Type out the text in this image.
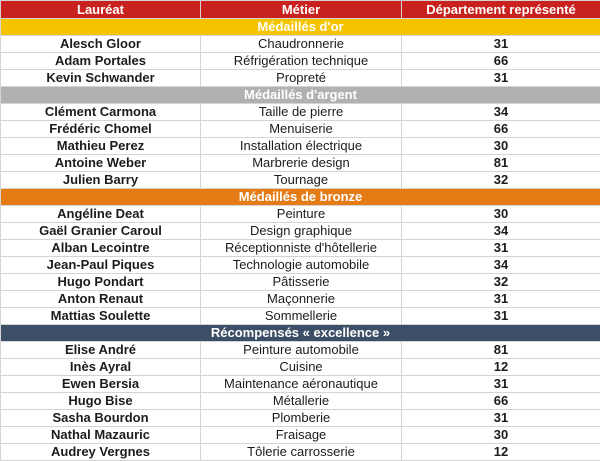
Lauréat	Métier	Département représenté
Médaillés d'or		
Alesch Gloor	Chaudronnerie	31
Adam Portales	Réfrigération technique	66
Kevin Schwander	Propreté	31
Médaillés d'argent		
Clément Carmona	Taille de pierre	34
Frédéric Chomel	Menuiserie	66
Mathieu Perez	Installation électrique	30
Antoine Weber	Marbrerie design	81
Julien Barry	Tournage	32
Médaillés de bronze		
Angéline Deat	Peinture	30
Gaël Granier Caroul	Design graphique	34
Alban Lecointre	Réceptionniste d'hôtellerie	31
Jean-Paul Piques	Technologie automobile	34
Hugo Pondart	Pâtisserie	32
Anton Renaut	Maçonnerie	31
Mattias Soulette	Sommellerie	31
Récompensés « excellence »		
Elise André	Peinture automobile	81
Inès Ayral	Cuisine	12
Ewen Bersia	Maintenance aéronautique	31
Hugo Bise	Métallerie	66
Sasha Bourdon	Plomberie	31
Nathal Mazauric	Fraisage	30
Audrey Vergnes	Tôlerie carrosserie	12
